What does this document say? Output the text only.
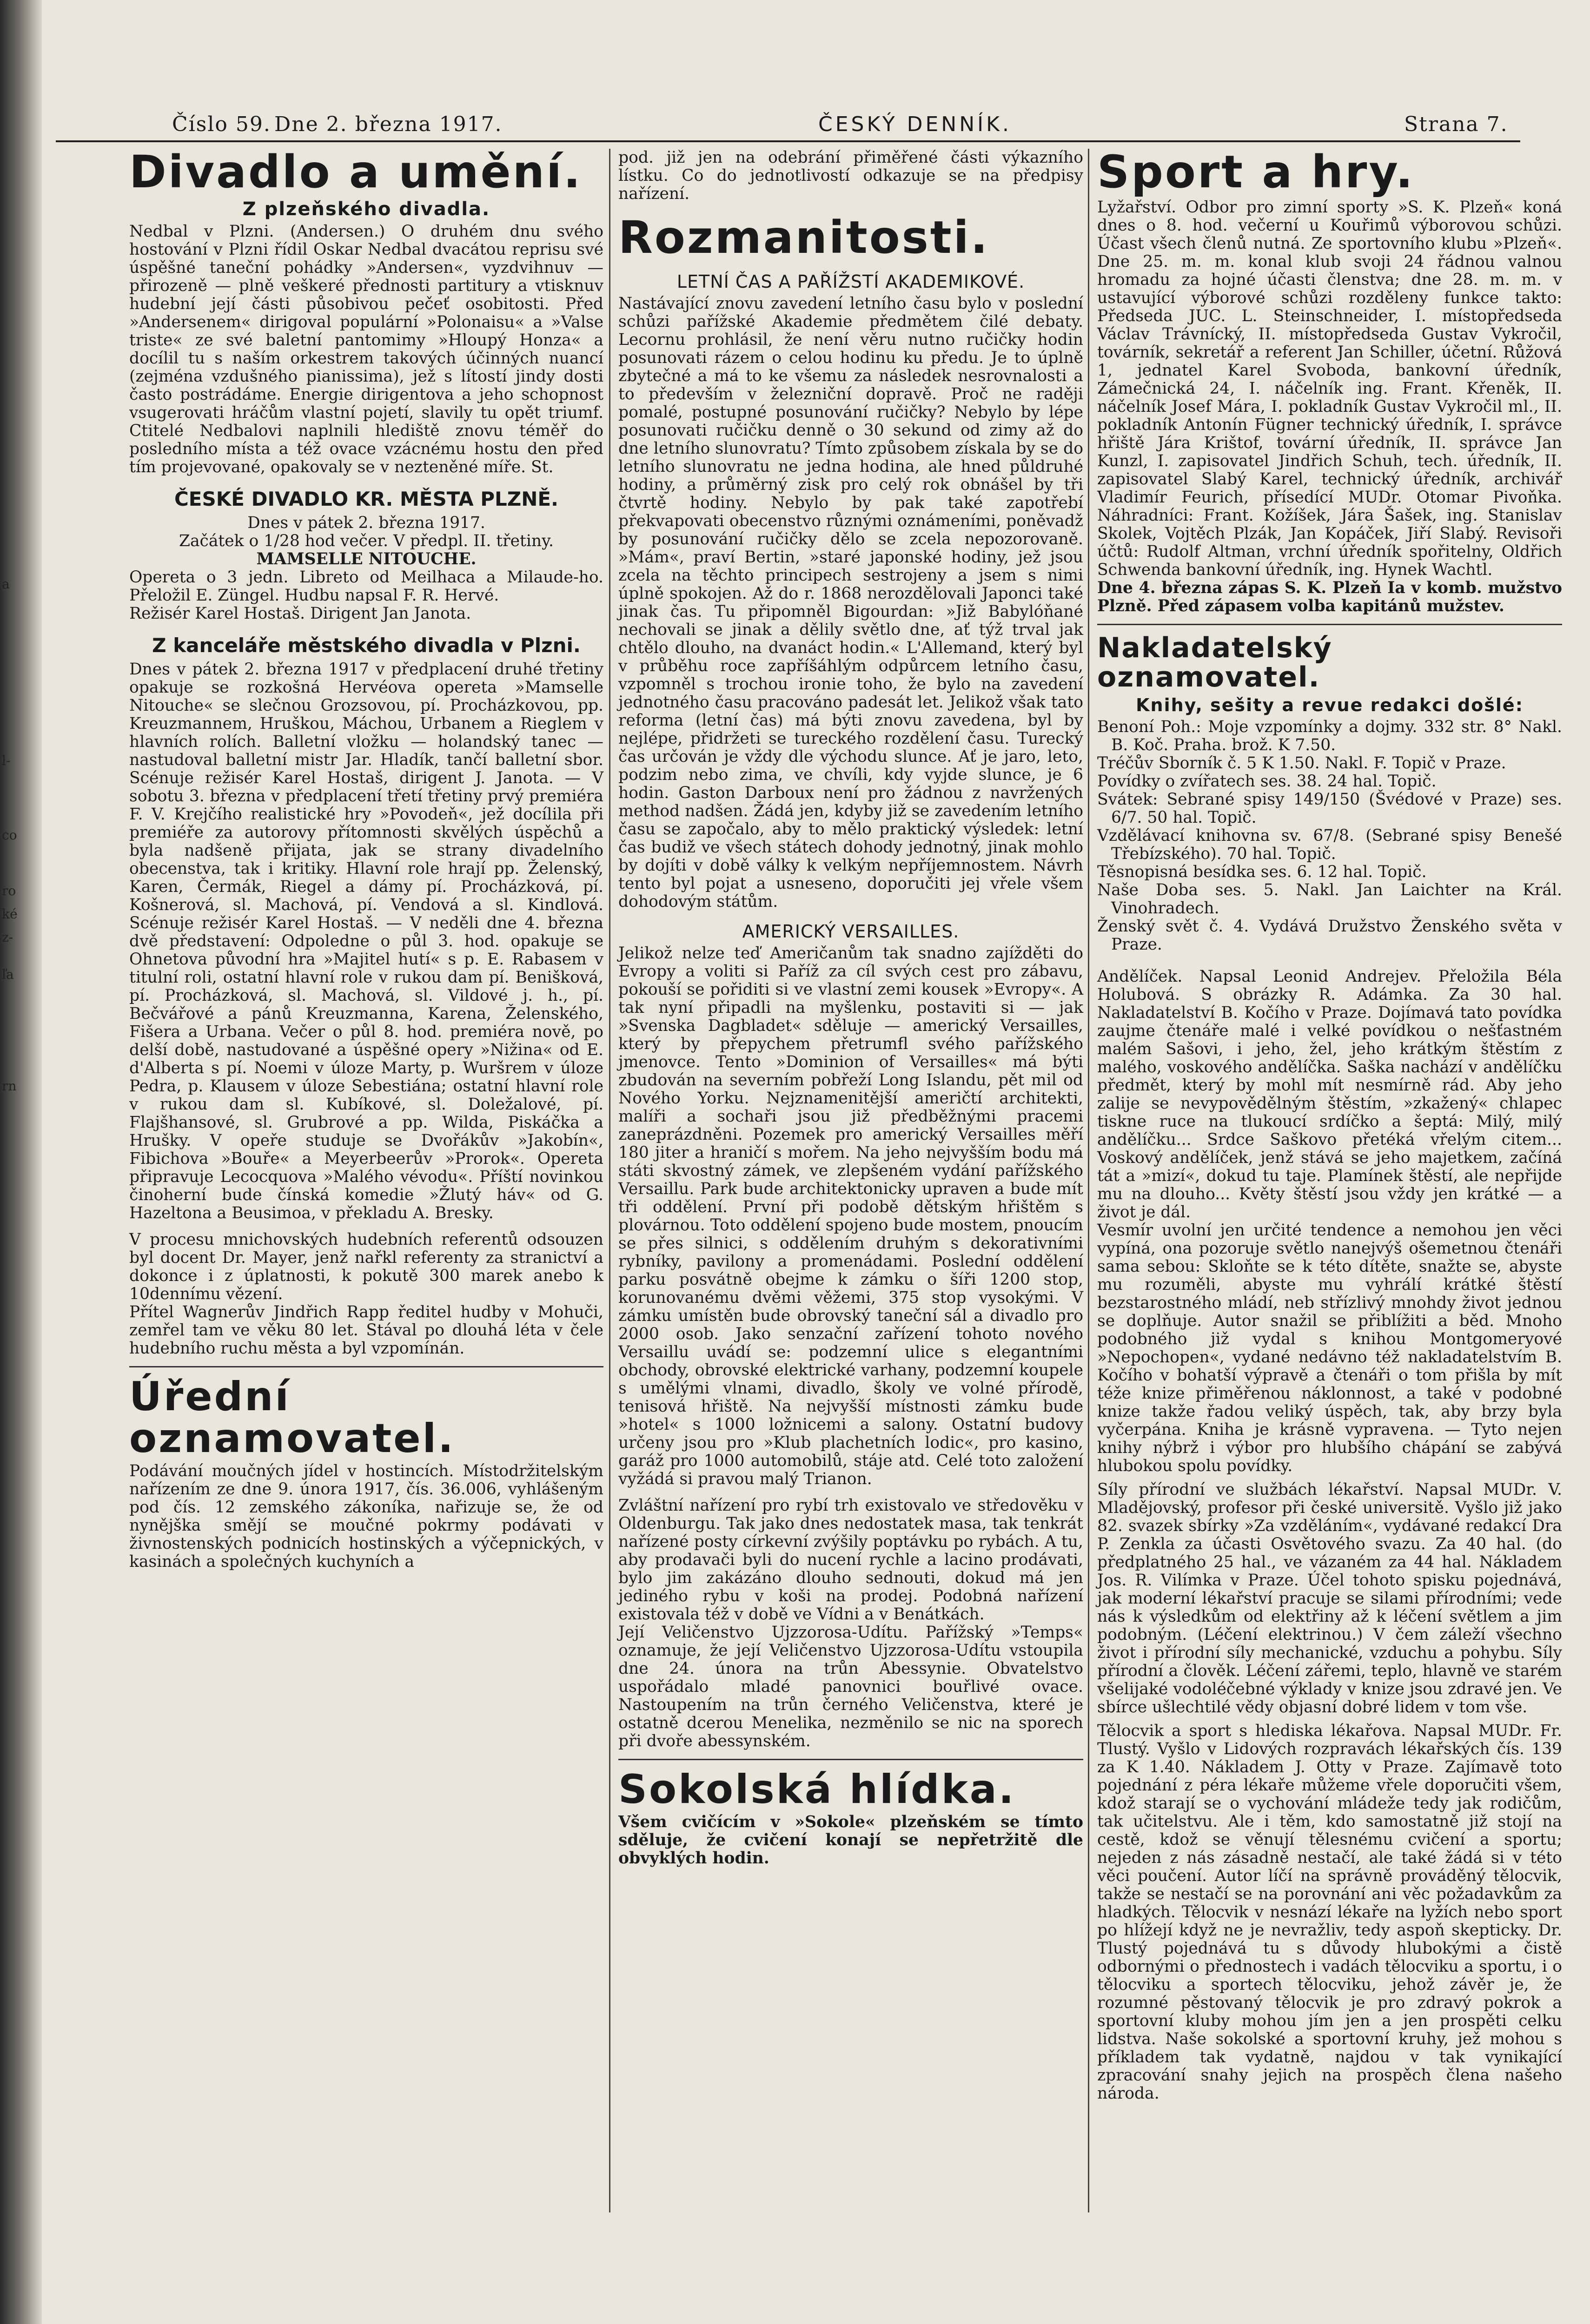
a
l-
co
ro
ké
z-
ľa
rn
Číslo 59. Dne 2. března 1917.	ČESKÝ DENNÍK.	Strana 7.
Divadlo a umění.
Z plzeňského divadla.

Nedbal v Plzni. (Andersen.) O druhém dnu svého hostování v Plzni řídil Oskar Nedbal dvacátou reprisu své úspěšné taneční pohádky »Andersen«, vyzdvihnuv — přirozeně — plně veškeré přednosti partitury a vtisknuv hudební její části působivou pečeť osobitosti. Před »Andersenem« dirigoval populární »Polonaisu« a »Valse triste« ze své baletní pantomimy »Hloupý Honza« a docílil tu s naším orkestrem takových účinných nuancí (zejména vzdušného pianissima), jež s lítostí jindy dosti často postrádáme. Energie dirigentova a jeho schopnost vsugerovati hráčům vlastní pojetí, slavily tu opět triumf. Ctitelé Nedbalovi naplnili hlediště znovu téměř do posledního místa a též ovace vzácnému hostu den před tím projevované, opakovaly se v nezteněné míře. St.

ČESKÉ DIVADLO KR. MĚSTA PLZNĚ.

Dnes v pátek 2. března 1917.

Začátek o 1/28 hod večer. V předpl. II. třetiny.

MAMSELLE NITOUCHE.

Opereta o 3 jedn. Libreto od Meilhaca a Milaude-ho. Přeložil E. Züngel. Hudbu napsal F. R. Hervé.

Režisér Karel Hostaš. Dirigent Jan Janota.

Z kanceláře městského divadla v Plzni.

Dnes v pátek 2. března 1917 v předplacení druhé třetiny opakuje se rozkošná Hervéova opereta »Mamselle Nitouche« se slečnou Grozsovou, pí. Procházkovou, pp. Kreuzmannem, Hruškou, Máchou, Urbanem a Rieglem v hlavních rolích. Balletní vložku — holandský tanec — nastudoval balletní mistr Jar. Hladík, tančí balletní sbor. Scénuje režisér Karel Hostaš, dirigent J. Janota. — V sobotu 3. března v předplacení třetí třetiny prvý premiéra F. V. Krejčího realistické hry »Povodeň«, jež docílila při premiéře za autorovy přítomnosti skvělých úspěchů a byla nadšeně přijata, jak se strany divadelního obecenstva, tak i kritiky. Hlavní role hrají pp. Želenský, Karen, Čermák, Riegel a dámy pí. Procházková, pí. Košnerová, sl. Machová, pí. Vendová a sl. Kindlová. Scénuje režisér Karel Hostaš. — V neděli dne 4. března dvě představení: Odpoledne o půl 3. hod. opakuje se Ohnetova původní hra »Majitel hutí« s p. E. Rabasem v titulní roli, ostatní hlavní role v rukou dam pí. Benišková, pí. Procházková, sl. Machová, sl. Vildové j. h., pí. Bečvářové a pánů Kreuzmanna, Karena, Želenského, Fišera a Urbana. Večer o půl 8. hod. premiéra nově, po delší době, nastudované a úspěšné opery »Nižina« od E. d'Alberta s pí. Noemi v úloze Marty, p. Wuršrem v úloze Pedra, p. Klausem v úloze Sebestiána; ostatní hlavní role v rukou dam sl. Kubíkové, sl. Doležalové, pí. Flajšhansové, sl. Grubrové a pp. Wilda, Piskáčka a Hrušky. V opeře studuje se Dvořákův »Jakobín«, Fibichova »Bouře« a Meyerbeerův »Prorok«. Opereta připravuje Lecocquova »Malého vévodu«. Příští novinkou činoherní bude čínská komedie »Žlutý háv« od G. Hazeltona a Beusimoa, v překladu A. Bresky.

V procesu mnichovských hudebních referentů odsouzen byl docent Dr. Mayer, jenž nařkl referenty za stranictví a dokonce i z úplatnosti, k pokutě 300 marek anebo k 10dennímu vězení.

Přítel Wagnerův Jindřich Rapp ředitel hudby v Mohuči, zemřel tam ve věku 80 let. Stával po dlouhá léta v čele hudebního ruchu města a byl vzpomínán.

Úřední oznamovatel.

Podávání moučných jídel v hostincích. Místodržitelským nařízením ze dne 9. února 1917, čís. 36.006, vyhlášeným pod čís. 12 zemského zákoníka, nařizuje se, že od nynějška smějí se moučné pokrmy podávati v živnostenských podnicích hostinských a výčepnických, v kasinách a společných kuchyních a

pod. již jen na odebrání přiměřené části výkazního lístku. Co do jednotlivostí odkazuje se na předpisy nařízení.

Rozmanitosti.
LETNÍ ČAS A PAŘÍŽSTÍ AKADEMIKOVÉ.

Nastávající znovu zavedení letního času bylo v poslední schůzi pařížské Akademie předmětem čilé debaty. Lecornu prohlásil, že není věru nutno ručičky hodin posunovati rázem o celou hodinu ku předu. Je to úplně zbytečné a má to ke všemu za následek nesrovnalosti a to především v železniční dopravě. Proč ne raději pomalé, postupné posunování ručičky? Nebylo by lépe posunovati ručičku denně o 30 sekund od zimy až do dne letního slunovratu? Tímto způsobem získala by se do letního slunovratu ne jedna hodina, ale hned půldruhé hodiny, a průměrný zisk pro celý rok obnášel by tři čtvrtě hodiny. Nebylo by pak také zapotřebí překvapovati obecenstvo různými oznámeními, poněvadž by posunování ručičky dělo se zcela nepozorovaně. »Mám«, praví Bertin, »staré japonské hodiny, jež jsou zcela na těchto principech sestrojeny a jsem s nimi úplně spokojen. Až do r. 1868 nerozdělovali Japonci také jinak čas. Tu připomněl Bigourdan: »Již Babylóňané nechovali se jinak a dělily světlo dne, ať týž trval jak chtělo dlouho, na dvanáct hodin.« L'Allemand, který byl v průběhu roce zapříšáhlým odpůrcem letního času, vzpomněl s trochou ironie toho, že bylo na zavedení jednotného času pracováno padesát let. Jelikož však tato reforma (letní čas) má býti znovu zavedena, byl by nejlépe, přidržeti se tureckého rozdělení času. Turecký čas určován je vždy dle východu slunce. Ať je jaro, leto, podzim nebo zima, ve chvíli, kdy vyjde slunce, je 6 hodin. Gaston Darboux není pro žádnou z navržených method nadšen. Žádá jen, kdyby již se zavedením letního času se započalo, aby to mělo praktický výsledek: letní čas budiž ve všech státech dohody jednotný, jinak mohlo by dojíti v době války k velkým nepříjemnostem. Návrh tento byl pojat a usneseno, doporučiti jej vřele všem dohodovým státům.

AMERICKÝ VERSAILLES.

Jelikož nelze teď Američanům tak snadno zajížděti do Evropy a voliti si Paříž za cíl svých cest pro zábavu, pokouší se pořiditi si ve vlastní zemi kousek »Evropy«. A tak nyní připadli na myšlenku, postaviti si — jak »Svenska Dagbladet« sděluje — americký Versailles, který by přepychem přetrumfl svého pařížského jmenovce. Tento »Dominion of Versailles« má býti zbudován na severním pobřeží Long Islandu, pět mil od Nového Yorku. Nejznamenitější američtí architekti, malíři a sochaři jsou již předběžnými pracemi zaneprázdněni. Pozemek pro americký Versailles měří 180 jiter a hraničí s mořem. Na jeho nejvyšším bodu má státi skvostný zámek, ve zlepšeném vydání pařížského Versaillu. Park bude architektonicky upraven a bude mít tři oddělení. První při podobě dětským hřištěm s plovárnou. Toto oddělení spojeno bude mostem, pnoucím se přes silnici, s oddělením druhým s dekorativními rybníky, pavilony a promenádami. Poslední oddělení parku posvátně obejme k zámku o šíři 1200 stop, korunovanému dvěmi věžemi, 375 stop vysokými. V zámku umístěn bude obrovský taneční sál a divadlo pro 2000 osob. Jako senzační zařízení tohoto nového Versaillu uvádí se: podzemní ulice s elegantními obchody, obrovské elektrické varhany, podzemní koupele s umělými vlnami, divadlo, školy ve volné přírodě, tenisová hřiště. Na nejvyšší místnosti zámku bude »hotel« s 1000 ložnicemi a salony. Ostatní budovy určeny jsou pro »Klub plachetních lodic«, pro kasino, garáž pro 1000 automobilů, stáje atd. Celé toto založení vyžádá si pravou malý Trianon.

Zvláštní nařízení pro rybí trh existovalo ve středověku v Oldenburgu. Tak jako dnes nedostatek masa, tak tenkrát nařízené posty církevní zvýšily poptávku po rybách. A tu, aby prodavači byli do nucení rychle a lacino prodávati, bylo jim zakázáno dlouho sednouti, dokud má jen jediného rybu v koši na prodej. Podobná nařízení existovala též v době ve Vídni a v Benátkách.

Její Veličenstvo Ujzzorosa-Udítu. Pařížský »Temps« oznamuje, že její Veličenstvo Ujzzorosa-Udítu vstoupila dne 24. února na trůn Abessynie. Obvatelstvo uspořádalo mladé panovnici bouřlivé ovace. Nastoupením na trůn černého Veličenstva, které je ostatně dcerou Menelika, nezměnilo se nic na sporech při dvoře abessynském.

Sokolská hlídka.

Všem cvičícím v »Sokole« plzeňském se tímto sděluje, že cvičení konají se nepřetržitě dle obvyklých hodin.

Sport a hry.

Lyžařství. Odbor pro zimní sporty »S. K. Plzeň« koná dnes o 8. hod. večerní u Kouřimů výborovou schůzi. Účast všech členů nutná. Ze sportovního klubu »Plzeň«. Dne 25. m. m. konal klub svoji 24 řádnou valnou hromadu za hojné účasti členstva; dne 28. m. m. v ustavující výborové schůzi rozděleny funkce takto: Předseda JUC. L. Steinschneider, I. místopředseda Václav Trávnícký, II. místopředseda Gustav Vykročil, továrník, sekretář a referent Jan Schiller, účetní. Růžová 1, jednatel Karel Svoboda, bankovní úředník, Zámečnická 24, I. náčelník ing. Frant. Křeněk, II. náčelník Josef Mára, I. pokladník Gustav Vykročil ml., II. pokladník Antonín Fügner technický úředník, I. správce hřiště Jára Krištof, tovární úředník, II. správce Jan Kunzl, I. zapisovatel Jindřich Schuh, tech. úředník, II. zapisovatel Slabý Karel, technický úředník, archivář Vladimír Feurich, přísedící MUDr. Otomar Pivoňka. Náhradníci: Frant. Kožíšek, Jára Šašek, ing. Stanislav Skolek, Vojtěch Plzák, Jan Kopáček, Jiří Slabý. Revisoři účtů: Rudolf Altman, vrchní úředník spořitelny, Oldřich Schwenda bankovní úředník, ing. Hynek Wachtl.

Dne 4. března zápas S. K. Plzeň Ia v komb. mužstvo Plzně. Před zápasem volba kapitánů mužstev.

Nakladatelský oznamovatel.
Knihy, sešity a revue redakci došlé:

Benoní Poh.: Moje vzpomínky a dojmy. 332 str. 8° Nakl. B. Koč. Praha. brož. K 7.50.

Tréčův Sborník č. 5 K 1.50. Nakl. F. Topič v Praze.

Povídky o zvířatech ses. 38. 24 hal. Topič.

Svátek: Sebrané spisy 149/150 (Švédové v Praze) ses. 6/7. 50 hal. Topič.

Vzdělávací knihovna sv. 67/8. (Sebrané spisy Benešé Třebízského). 70 hal. Topič.

Těsnopisná besídka ses. 6. 12 hal. Topič.

Naše Doba ses. 5. Nakl. Jan Laichter na Král. Vinohradech.

Ženský svět č. 4. Vydává Družstvo Ženského světa v Praze.

Andělíček. Napsal Leonid Andrejev. Přeložila Béla Holubová. S obrázky R. Adámka. Za 30 hal. Nakladatelství B. Kočího v Praze. Dojímavá tato povídka zaujme čtenáře malé i velké povídkou o nešťastném malém Sašovi, i jeho, žel, jeho krátkým štěstím z malého, voskového andělíčka. Saška nachází v andělíčku předmět, který by mohl mít nesmírně rád. Aby jeho zalije se nevypovědělným štěstím, »zkažený« chlapec tiskne ruce na tlukoucí srdíčko a šeptá: Milý, milý andělíčku... Srdce Saškovo přetéká vřelým citem... Voskový andělíček, jenž stává se jeho majetkem, začíná tát a »mizí«, dokud tu taje. Plamínek štěstí, ale nepřijde mu na dlouho... Květy štěstí jsou vždy jen krátké — a život je dál.

Vesmír uvolní jen určité tendence a nemohou jen věci vypíná, ona pozoruje světlo nanejvýš ošemetnou čtenáři sama sebou: Skloňte se k této dítěte, snažte se, abyste mu rozuměli, abyste mu vyhrálí krátké štěstí bezstarostného mládí, neb střízlivý mnohdy život jednou se doplňuje. Autor snažil se přiblížiti a běd. Mnoho podobného již vydal s knihou Montgomeryové »Nepochopen«, vydané nedávno též nakladatelstvím B. Kočího v bohatší výpravě a čtenáři o tom přišla by mít téže knize přiměřenou náklonnost, a také v podobné knize takže řadou veliký úspěch, tak, aby brzy byla vyčerpána. Kniha je krásně vypravena. — Tyto nejen knihy nýbrž i výbor pro hlubšího chápání se zabývá hlubokou spolu povídky.

Síly přírodní ve službách lékařství. Napsal MUDr. V. Mladějovský, profesor při české universitě. Vyšlo již jako 82. svazek sbírky »Za vzděláním«, vydávané redakcí Dra P. Zenkla za účasti Osvětového svazu. Za 40 hal. (do předplatného 25 hal., ve vázaném za 44 hal. Nákladem Jos. R. Vilímka v Praze. Účel tohoto spisku pojednává, jak moderní lékařství pracuje se silami přírodními; vede nás k výsledkům od elektřiny až k léčení světlem a jim podobným. (Léčení elektrinou.) V čem záleží všechno život i přírodní síly mechanické, vzduchu a pohybu. Síly přírodní a člověk. Léčení zářemi, teplo, hlavně ve starém všelijaké vodoléčebné výklady v knize jsou zdravé jen. Ve sbírce ušlechtilé vědy objasní dobré lidem v tom vše.

Tělocvik a sport s hlediska lékařova. Napsal MUDr. Fr. Tlustý. Vyšlo v Lidových rozpravách lékařských čís. 139 za K 1.40. Nákladem J. Otty v Praze. Zajímavě toto pojednání z péra lékaře můžeme vřele doporučiti všem, kdož starají se o vychování mládeže tedy jak rodičům, tak učitelstvu. Ale i těm, kdo samostatně již stojí na cestě, kdož se věnují tělesnému cvičení a sportu; nejeden z nás zásadně nestačí, ale také žádá si v této věci poučení. Autor líčí na správně prováděný tělocvik, takže se nestačí se na porovnání ani věc požadavkům za hladkých. Tělocvik v nesnází lékaře na lyžích nebo sport po hlížejí když ne je nevražliv, tedy aspoň skepticky. Dr. Tlustý pojednává tu s důvody hlubokými a čistě odbornými o přednostech i vadách tělocviku a sportu, i o tělocviku a sportech tělocviku, jehož závěr je, že rozumné pěstovaný tělocvik je pro zdravý pokrok a sportovní kluby mohou jím jen a jen prospěti celku lidstva. Naše sokolské a sportovní kruhy, jež mohou s příkladem tak vydatně, najdou v tak vynikající zpracování snahy jejich na prospěch člena našeho národa.
